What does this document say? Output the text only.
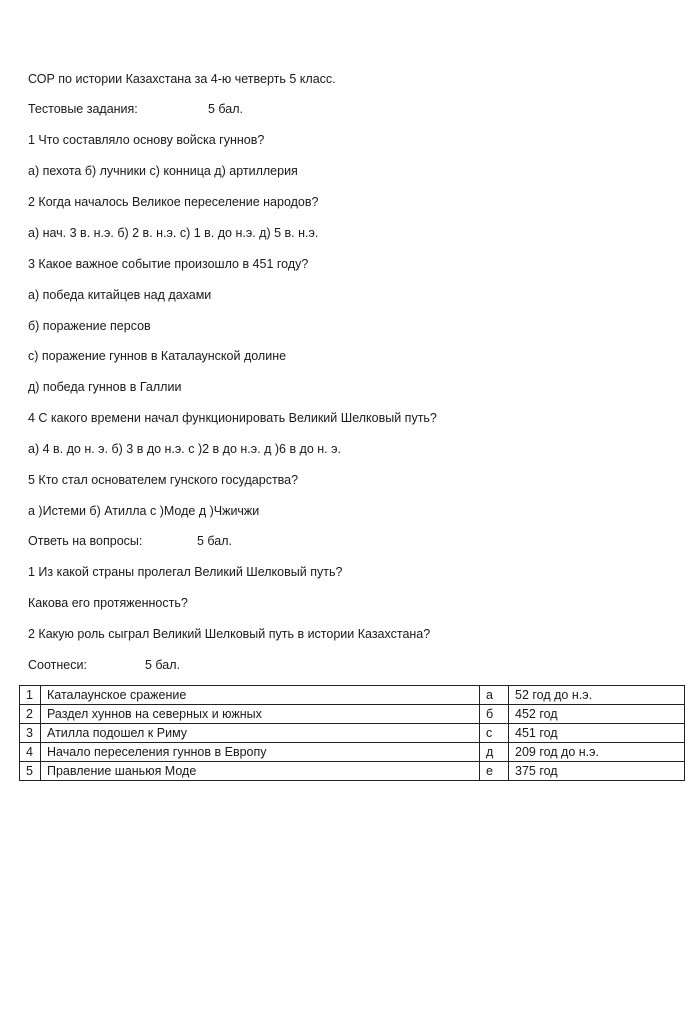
СОР по истории Казахстана за 4-ю четверть 5 класс.
Тестовые задания:	5 бал.
1 Что составляло основу войска гуннов?
а) пехота б) лучники с) конница д) артиллерия
2 Когда началось Великое переселение народов?
а) нач. 3 в. н.э. б) 2 в. н.э. с) 1 в. до н.э. д) 5 в. н.э.
3 Какое важное событие произошло в 451 году?
а) победа китайцев над дахами
б) поражение персов
с) поражение гуннов в Каталаунской долине
д) победа гуннов в Галлии
4 С какого времени начал функционировать Великий Шелковый путь?
а) 4 в. до н. э. б) 3 в до н.э. с )2 в до н.э. д )6 в до н. э.
5 Кто стал основателем гунского государства?
а )Истеми б) Атилла с )Моде д )Чжичжи
Ответь на вопросы:	5 бал.
1 Из какой страны пролегал Великий Шелковый путь?
Какова его протяженность?
2 Какую роль сыграл Великий Шелковый путь в истории Казахстана?
Соотнеси:	5 бал.
1	Каталаунское сражение	а	52 год до н.э.
2	Раздел хуннов на северных и южных	б	452 год
3	Атилла подошел к Риму	с	451 год
4	Начало переселения гуннов в Европу	д	209 год до н.э.
5	Правление шаньюя Моде	е	375 год
